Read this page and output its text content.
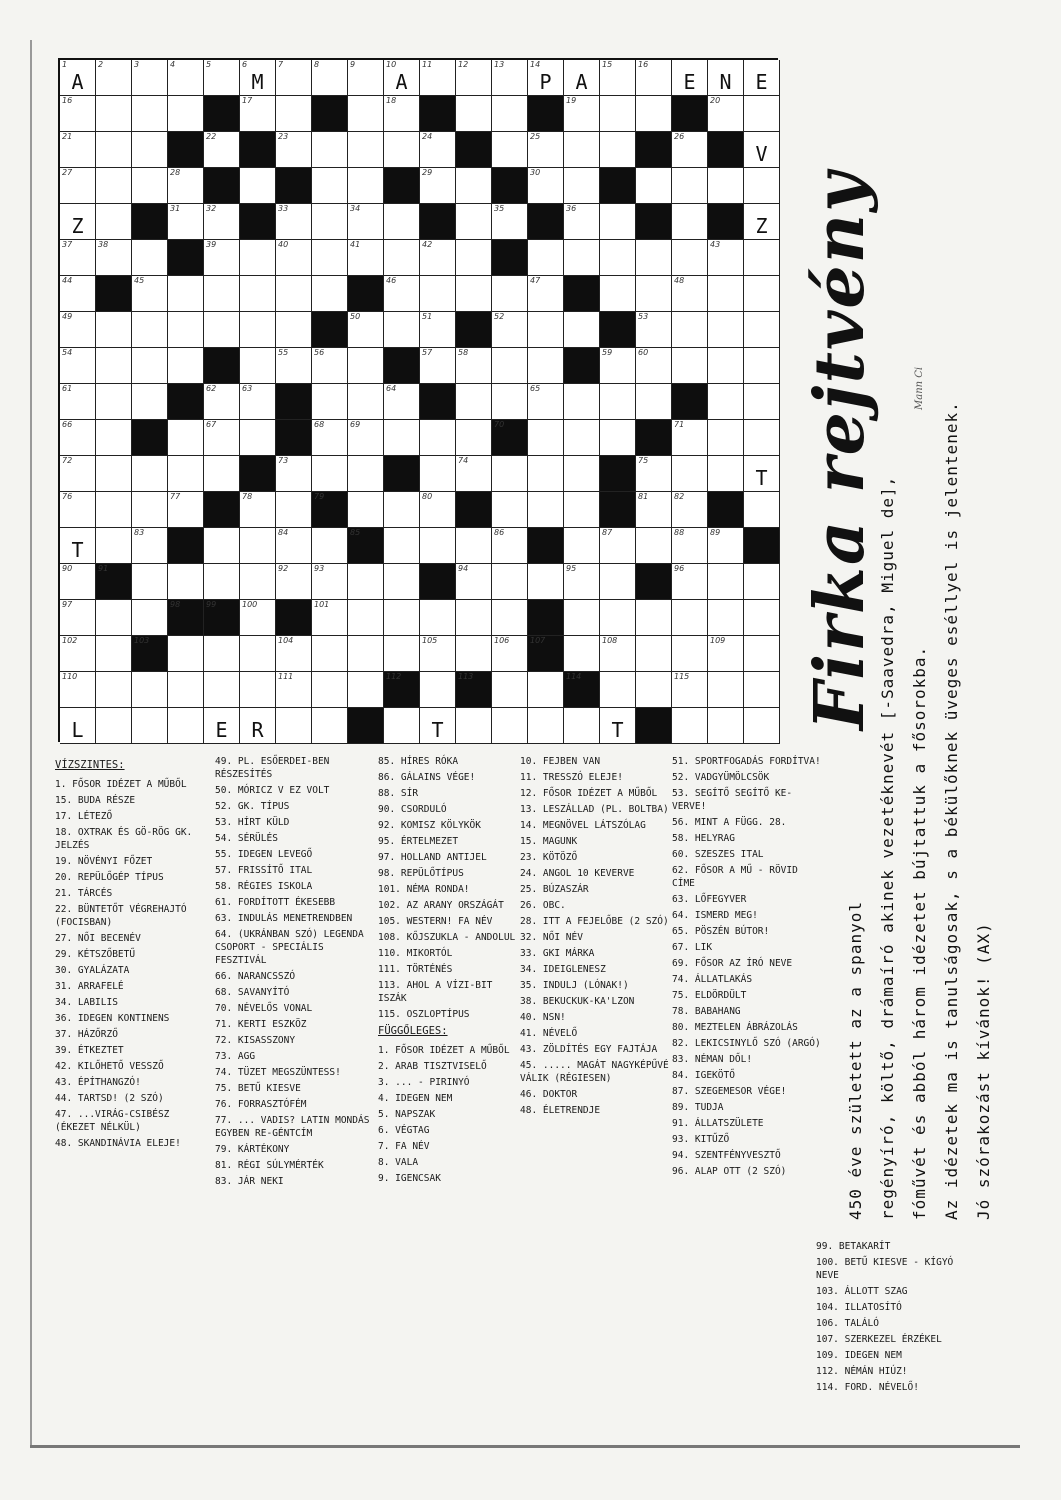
1
A
2	3	4	5	6
M
7	8	9	10
A
11	12	13	14
P	A
15	16
E	N	E
16	17	18	19	20
21	22	23	24	25	26
V
27	28	29	30
Z
31	32	33	34	35	36
Z
37	38	39	40	41	42	43
44	45	46	47	48
49	50	51	52	53
54	55	56	57	58	59	60
61	62	63	64	65
66	67	68	69	70	71
72	73	74	75
T
76	77	78	79	80	81	82
T
83	84	85	86	87	88	89
90	91	92	93	94	95	96
97	98	99	100	101
102	103	104	105	106	107	108	109
110	111	112	113	114	115
L	E	R	T	T	Firka rejtvény	Mann Ci
450 éve született az a spanyol regényíró, költő, drámaíró akinek vezetéknevét [-Saavedra, Miguel de], fóművét és abból három idézetet bújtattuk a fősorokba. Az idézetek ma is tanulságosak, s a békülőknek üveges eséllyel is jelentenek. Jó szórakozást kívánok! (AX)
VÍZSZINTES:
1. FŐSOR IDÉZET A MŰBŐL
15. BUDA RÉSZE
17. LÉTEZŐ
18. OXTRAK ÉS GÖ-RÖG GK. JELZÉS
19. NÖVÉNYI FŐZET
20. REPÜLŐGÉP TÍPUS
21. TÁRCÉS
22. BÜNTETŐT VÉGREHAJTÓ (FOCISBAN)
27. NŐI BECENÉV
29. KÉTSZŐBETŰ
30. GYALÁZATA
31. ARRAFELÉ
34. LABILIS
36. IDEGEN KONTINENS
37. HÁZŐRZŐ
39. ÉTKEZTET
42. KILŐHETŐ VESSZŐ
43. ÉPÍTHANGZÓ!
44. TARTSD! (2 SZÓ)
47. ...VIRÁG-CSIBÉSZ (ÉKEZET NÉLKÜL)
48. SKANDINÁVIA ELEJE!
49. PL. ESŐERDEI-BEN RÉSZESÍTÉS
50. MÓRICZ V EZ VOLT
52. GK. TÍPUS
53. HÍRT KÜLD
54. SÉRÜLÉS
55. IDEGEN LEVEGŐ
57. FRISSÍTŐ ITAL
58. RÉGIES ISKOLA
61. FORDÍTOTT ÉKESEBB
63. INDULÁS MENETRENDBEN
64. (UKRÁNBAN SZÓ) LEGENDA CSOPORT - SPECIÁLIS FESZTIVÁL
66. NARANCSSZÓ
68. SAVANYÍTÓ
70. NÉVELŐS VONAL
71. KERTI ESZKÖZ
72. KISASSZONY
73. AGG
74. TÜZET MEGSZÜNTESS!
75. BETŰ KIESVE
76. FORRASZTÓFÉM
77. ... VADIS? LATIN MONDÁS EGYBEN RE-GÉNTCÍM
79. KÁRTÉKONY
81. RÉGI SÚLYMÉRTÉK
83. JÁR NEKI
85. HÍRES RÓKA
86. GÁLAINS VÉGE!
88. SÍR
90. CSORDULÓ
92. KOMISZ KÖLYKÖK
95. ÉRTELMEZET
97. HOLLAND ANTIJEL
98. REPÜLŐTÍPUS
101. NÉMA RONDA!
102. AZ ARANY ORSZÁGÁT
105. WESTERN! FA NÉV
108. KŐJSZUKLA - ANDOLUL
110. MIKORTÓL
111. TÖRTÉNÉS
113. AHOL A VÍZI-BIT ISZÁK
115. OSZLOPTÍPUS
FÜGGŐLEGES:
1. FŐSOR IDÉZET A MŰBŐL
2. ARAB TISZTVISELŐ
3. ... - PIRINYÓ
4. IDEGEN NEM
5. NAPSZAK
6. VÉGTAG
7. FA NÉV
8. VALA
9. IGENCSAK
10. FEJBEN VAN
11. TRESSZÓ ELEJE!
12. FŐSOR IDÉZET A MŰBŐL
13. LESZÁLLAD (PL. BOLTBA)
14. MEGNÖVEL LÁTSZÓLAG
15. MAGUNK
23. KÖTÖZŐ
24. ANGOL 10 KEVERVE
25. BÚZASZÁR
26. OBC.
28. ITT A FEJELŐBE (2 SZÓ)
32. NŐI NÉV
33. GKI MÁRKA
34. IDEIGLENESZ
35. INDULJ (LÓNAK!)
38. BEKUCKUK-KA'LZON
40. NSN!
41. NÉVELŐ
43. ZÖLDÍTÉS EGY FAJTÁJA
45. ..... MAGÁT NAGYKÉPŰVÉ VÁLIK (RÉGIESEN)
46. DOKTOR
48. ÉLETRENDJE
51. SPORTFOGADÁS FORDÍTVA!
52. VADGYÜMÖLCSÖK
53. SEGÍTŐ SEGÍTŐ KE-VERVE!
56. MINT A FÜGG. 28.
58. HELYRAG
60. SZESZES ITAL
62. FŐSOR A MŰ - RÖVID CÍME
63. LŐFEGYVER
64. ISMERD MEG!
65. PÖSZÉN BÚTOR!
67. LIK
69. FŐSOR AZ ÍRÓ NEVE
74. ÁLLATLAKÁS
75. ELDÖRDÜLT
78. BABAHANG
80. MEZTELEN ÁBRÁZOLÁS
82. LEKICSINYLŐ SZÓ (ARGÓ)
83. NÉMAN DŐL!
84. IGEKÖTŐ
87. SZEGEMESOR VÉGE!
89. TUDJA
91. ÁLLATSZÜLETE
93. KITŰZŐ
94. SZENTFÉNYVESZTŐ
96. ALAP OTT (2 SZÓ)
99. BETAKARÍT
100. BETŰ KIESVE - KÍGYÓ NEVE
103. ÁLLOTT SZAG
104. ILLATOSÍTÓ
106. TALÁLÓ
107. SZERKEZEL ÉRZÉKEL
109. IDEGEN NEM
112. NÉMÁN HIÚZ!
114. FORD. NÉVELŐ!
